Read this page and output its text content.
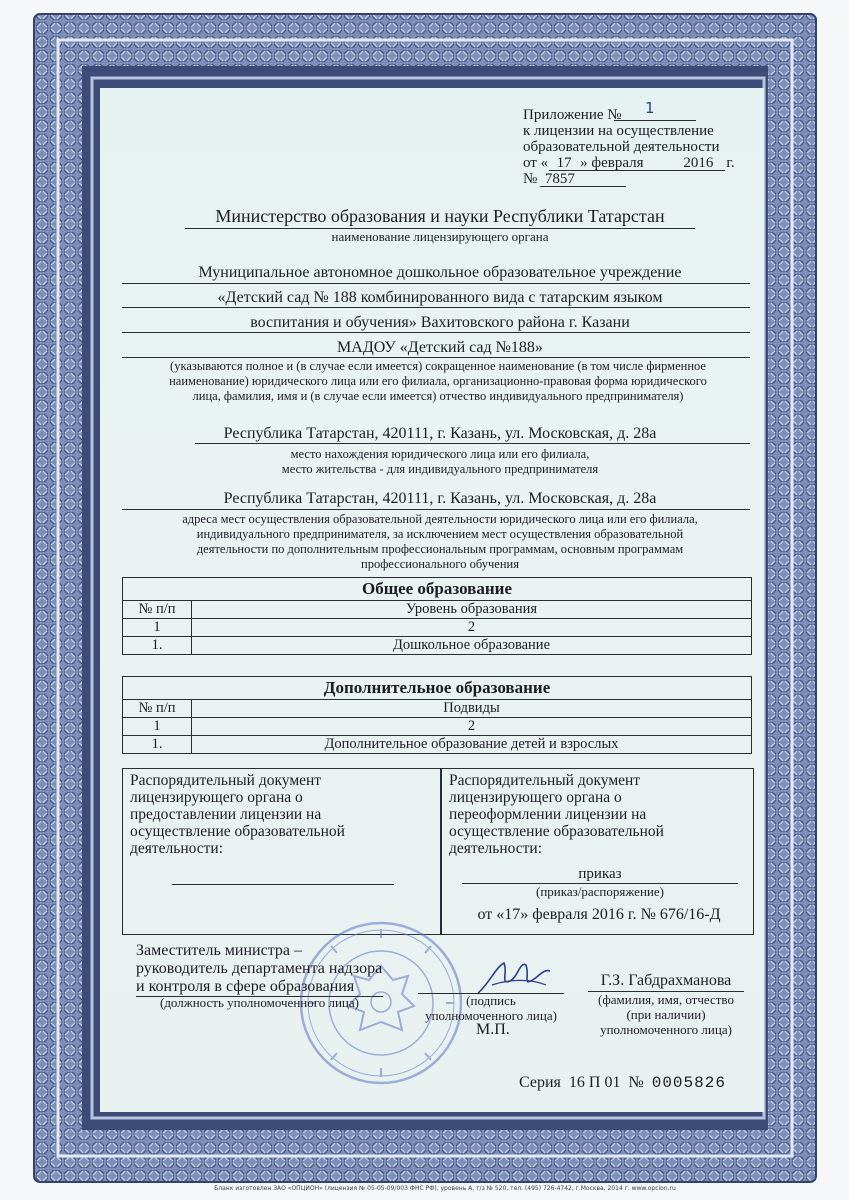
Приложение № 1
к лицензии на осуществление
образовательной деятельности
от « 17 » февраля	2016 г.
№ 7857
Министерство образования и науки Республики Татарстан
наименование лицензирующего органа
Муниципальное автономное дошкольное образовательное учреждение
«Детский сад № 188 комбинированного вида с татарским языком
воспитания и обучения» Вахитовского района г. Казани
МАДОУ «Детский сад №188»
(указываются полное и (в случае если имеется) сокращенное наименование (в том числе фирменное
наименование) юридического лица или его филиала, организационно-правовая форма юридического
лица, фамилия, имя и (в случае если имеется) отчество индивидуального предпринимателя)
Республика Татарстан, 420111, г. Казань, ул. Московская, д. 28а
место нахождения юридического лица или его филиала,
место жительства - для индивидуального предпринимателя
Республика Татарстан, 420111, г. Казань, ул. Московская, д. 28а
адреса мест осуществления образовательной деятельности юридического лица или его филиала,
индивидуального предпринимателя, за исключением мест осуществления образовательной
деятельности по дополнительным профессиональным программам, основным программам
профессионального обучения
Общее образование	
№ п/п	Уровень образования
1	2
1.	Дошкольное образование
Дополнительное образование	
№ п/п	Подвиды
1	2
1.	Дополнительное образование детей и взрослых
Распорядительный документ
лицензирующего органа о
предоставлении лицензии на
осуществление образовательной
деятельности:
Распорядительный документ
лицензирующего органа о
переоформлении лицензии на
осуществление образовательной
деятельности:
приказ
(приказ/распоряжение)
от «17» февраля 2016 г. № 676/16-Д
Заместитель министра –
руководитель департамента надзора
и контроля в сфере образования
(должность уполномоченного лица)	(подпись
уполномоченного лица)
М.П.
Г.З. Габдрахманова
(фамилия, имя, отчество
(при наличии)
уполномоченного лица)
Серия 16 П 01 № 0005826
Бланк изготовлен ЗАО «ОПЦИОН» (лицензия № 05-05-09/003 ФНС РФ), уровень А, т/з № 520, тел. (495) 726-4742, г.Москва, 2014 г. www.opcion.ru
